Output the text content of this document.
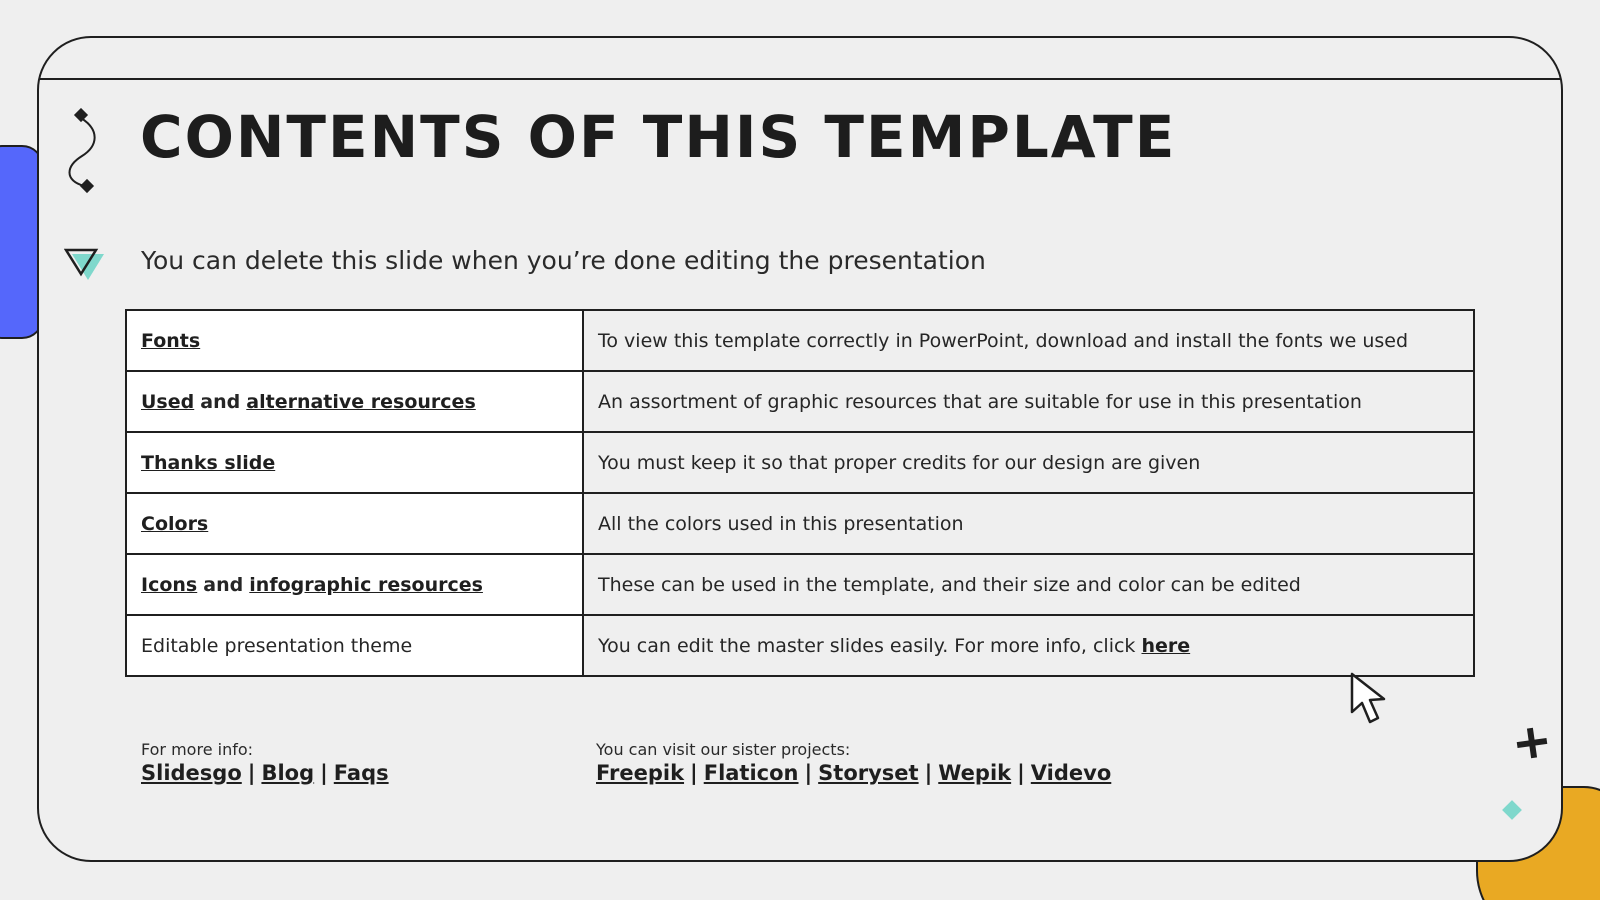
CONTENTS OF THIS TEMPLATE

You can delete this slide when you’re done editing the presentation

Fonts	To view this template correctly in PowerPoint, download and install the fonts we used
Used and alternative resources	An assortment of graphic resources that are suitable for use in this presentation
Thanks slide	You must keep it so that proper credits for our design are given
Colors	All the colors used in this presentation
Icons and infographic resources	These can be used in the template, and their size and color can be edited
Editable presentation theme	You can edit the master slides easily. For more info, click here
For more info:
Slidesgo | Blog | Faqs
You can visit our sister projects:
Freepik | Flaticon | Storyset | Wepik | Videvo
